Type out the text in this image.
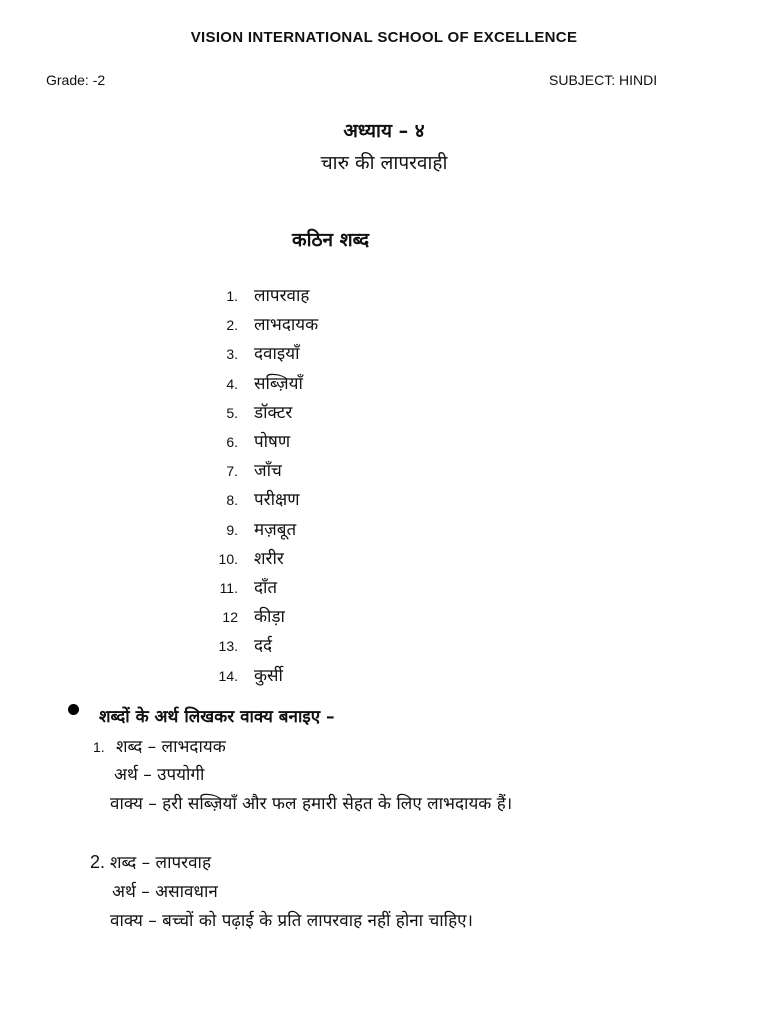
VISION INTERNATIONAL SCHOOL OF EXCELLENCE
Grade: -2	SUBJECT: HINDI
अध्याय – ४
चारु की लापरवाही
कठिन शब्द
1. लापरवाह
2. लाभदायक
3. दवाइयाँ
4. सब्ज़ियाँ
5. डॉक्टर
6. पोषण
7. जाँच
8. परीक्षण
9. मज़बूत
10. शरीर
11. दाँत
12 कीड़ा
13. दर्द
14. कुर्सी
शब्दों के अर्थ लिखकर वाक्य बनाइए –
1. शब्द – लाभदायक
अर्थ – उपयोगी
वाक्य – हरी सब्ज़ियाँ और फल हमारी सेहत के लिए लाभदायक हैं।
2. शब्द – लापरवाह
अर्थ – असावधान
वाक्य – बच्चों को पढ़ाई के प्रति लापरवाह नहीं होना चाहिए।
